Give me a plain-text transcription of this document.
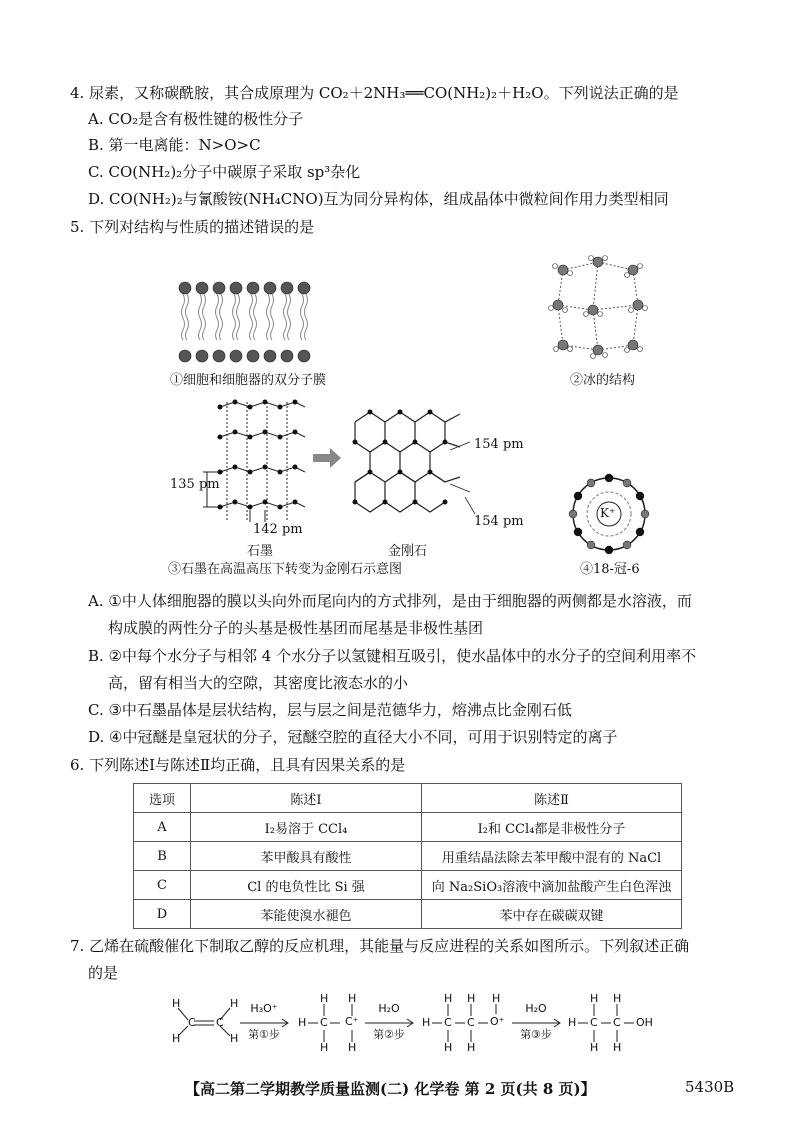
4. 尿素，又称碳酰胺，其合成原理为 CO₂＋2NH₃══CO(NH₂)₂＋H₂O。下列说法正确的是
A. CO₂是含有极性键的极性分子
B. 第一电离能：N>O>C
C. CO(NH₂)₂分子中碳原子采取 sp³杂化
D. CO(NH₂)₂与氰酸铵(NH₄CNO)互为同分异构体，组成晶体中微粒间作用力类型相同
5. 下列对结构与性质的描述错误的是
①细胞和细胞器的双分子膜	②冰的结构
135 pm
142 pm
154 pm
154 pm
石墨	金刚石
③石墨在高温高压下转变为金刚石示意图
K⁺
④18-冠-6
A. ①中人体细胞器的膜以头向外而尾向内的方式排列，是由于细胞器的两侧都是水溶液，而
构成膜的两性分子的头基是极性基团而尾基是非极性基团
B. ②中每个水分子与相邻 4 个水分子以氢键相互吸引，使水晶体中的水分子的空间利用率不
高，留有相当大的空隙，其密度比液态水的小
C. ③中石墨晶体是层状结构，层与层之间是范德华力，熔沸点比金刚石低
D. ④中冠醚是皇冠状的分子，冠醚空腔的直径大小不同，可用于识别特定的离子
6. 下列陈述Ⅰ与陈述Ⅱ均正确，且具有因果关系的是
选项	陈述Ⅰ	陈述Ⅱ
A	I₂易溶于 CCl₄	I₂和 CCl₄都是非极性分子
B	苯甲酸具有酸性	用重结晶法除去苯甲酸中混有的 NaCl
C	Cl 的电负性比 Si 强	向 Na₂SiO₃溶液中滴加盐酸产生白色浑浊
D	苯能使溴水褪色	苯中存在碳碳双键
7. 乙烯在硫酸催化下制取乙醇的反应机理，其能量与反应进程的关系如图所示。下列叙述正确
的是
H
H
C C
H
H
H₃O⁺
第①步
H₂O
第②步
H₂O
第③步
H C C⁺
H
H
H
H
H C C O⁺
H
H
H
H
H
H C C OH
H
H
H
H
【高二第二学期教学质量监测(二) 化学卷 第 2 页(共 8 页)】	5430B
